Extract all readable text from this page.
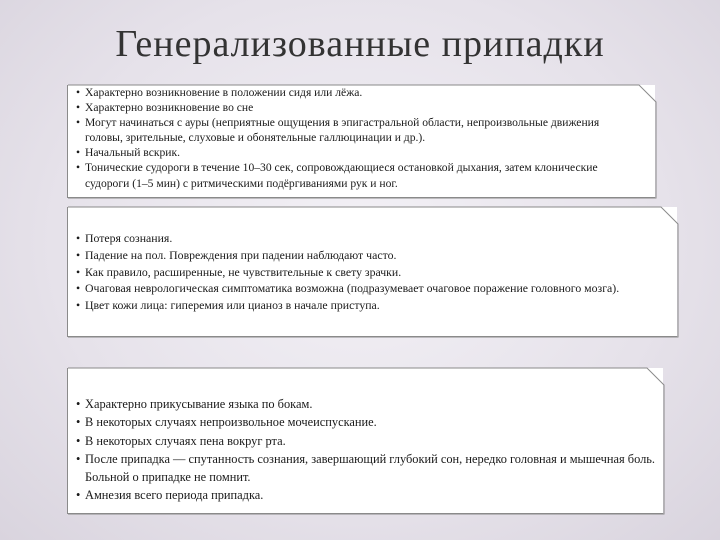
Генерализованные припадки
• Характерно возникновение в положении сидя или лёжа.
• Характерно возникновение во сне
• Могут начинаться с ауры (неприятные ощущения в эпигастральной области, непроизвольные движения головы, зрительные, слуховые и обонятельные галлюцинации и др.).
• Начальный вскрик.
• Тонические судороги в течение 10–30 сек, сопровождающиеся остановкой дыхания, затем клонические судороги (1–5 мин) с ритмическими подёргиваниями рук и ног.
• Потеря сознания.
• Падение на пол. Повреждения при падении наблюдают часто.
• Как правило, расширенные, не чувствительные к свету зрачки.
• Очаговая неврологическая симптоматика возможна (подразумевает очаговое поражение головного мозга).
• Цвет кожи лица: гиперемия или цианоз в начале приступа.
• Характерно прикусывание языка по бокам.
• В некоторых случаях непроизвольное мочеиспускание.
• В некоторых случаях пена вокруг рта.
• После припадка — спутанность сознания, завершающий глубокий сон, нередко головная и мышечная боль. Больной о припадке не помнит.
• Амнезия всего периода припадка.
